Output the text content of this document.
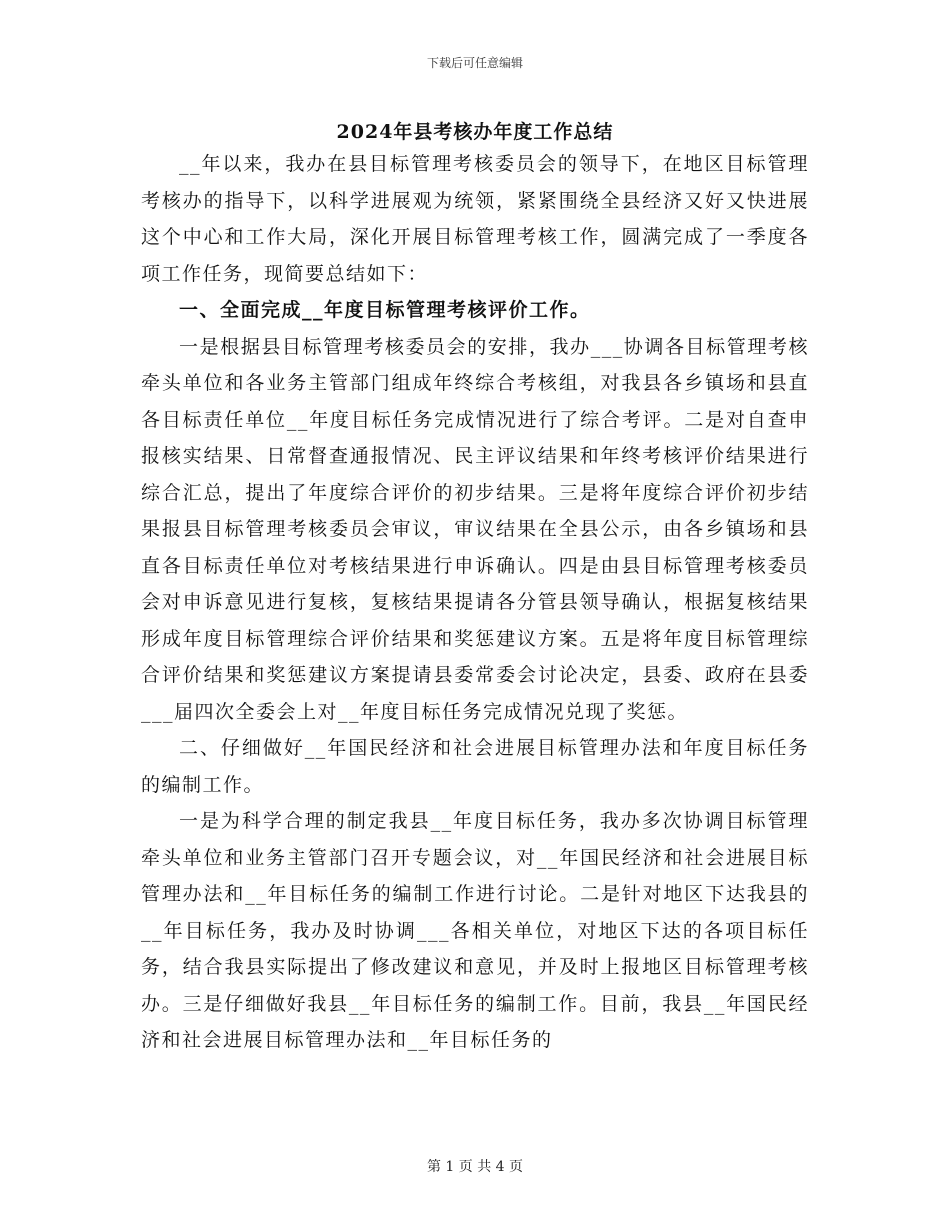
下载后可任意编辑
2024年县考核办年度工作总结

__年以来，我办在县目标管理考核委员会的领导下，在地区目标管理考核办的指导下，以科学进展观为统领，紧紧围绕全县经济又好又快进展这个中心和工作大局，深化开展目标管理考核工作，圆满完成了一季度各项工作任务，现简要总结如下：

一、全面完成__年度目标管理考核评价工作。

一是根据县目标管理考核委员会的安排，我办___协调各目标管理考核牵头单位和各业务主管部门组成年终综合考核组，对我县各乡镇场和县直各目标责任单位__年度目标任务完成情况进行了综合考评。二是对自查申报核实结果、日常督查通报情况、民主评议结果和年终考核评价结果进行综合汇总，提出了年度综合评价的初步结果。三是将年度综合评价初步结果报县目标管理考核委员会审议，审议结果在全县公示，由各乡镇场和县直各目标责任单位对考核结果进行申诉确认。四是由县目标管理考核委员会对申诉意见进行复核，复核结果提请各分管县领导确认，根据复核结果形成年度目标管理综合评价结果和奖惩建议方案。五是将年度目标管理综合评价结果和奖惩建议方案提请县委常委会讨论决定，县委、政府在县委___届四次全委会上对__年度目标任务完成情况兑现了奖惩。

二、仔细做好__年国民经济和社会进展目标管理办法和年度目标任务的编制工作。

一是为科学合理的制定我县__年度目标任务，我办多次协调目标管理牵头单位和业务主管部门召开专题会议，对__年国民经济和社会进展目标管理办法和__年目标任务的编制工作进行讨论。二是针对地区下达我县的__年目标任务，我办及时协调___各相关单位，对地区下达的各项目标任务，结合我县实际提出了修改建议和意见，并及时上报地区目标管理考核办。三是仔细做好我县__年目标任务的编制工作。目前，我县__年国民经济和社会进展目标管理办法和__年目标任务的

第 1 页 共 4 页
